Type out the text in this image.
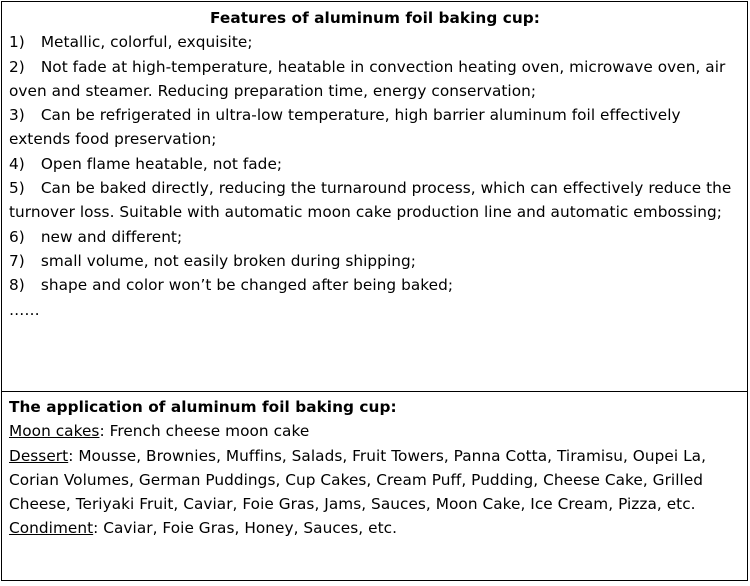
Features of aluminum foil baking cup:

1) Metallic, colorful, exquisite;

2) Not fade at high-temperature, heatable in convection heating oven, microwave oven, air oven and steamer. Reducing preparation time, energy conservation;

3) Can be refrigerated in ultra-low temperature, high barrier aluminum foil effectively extends food preservation;

4) Open flame heatable, not fade;

5) Can be baked directly, reducing the turnaround process, which can effectively reduce the turnover loss. Suitable with automatic moon cake production line and automatic embossing;

6) new and different;

7) small volume, not easily broken during shipping;

8) shape and color won’t be changed after being baked;

……

The application of aluminum foil baking cup:

Moon cakes: French cheese moon cake

Dessert: Mousse, Brownies, Muffins, Salads, Fruit Towers, Panna Cotta, Tiramisu, Oupei La, Corian Volumes, German Puddings, Cup Cakes, Cream Puff, Pudding, Cheese Cake, Grilled Cheese, Teriyaki Fruit, Caviar, Foie Gras, Jams, Sauces, Moon Cake, Ice Cream, Pizza, etc.

Condiment: Caviar, Foie Gras, Honey, Sauces, etc.
